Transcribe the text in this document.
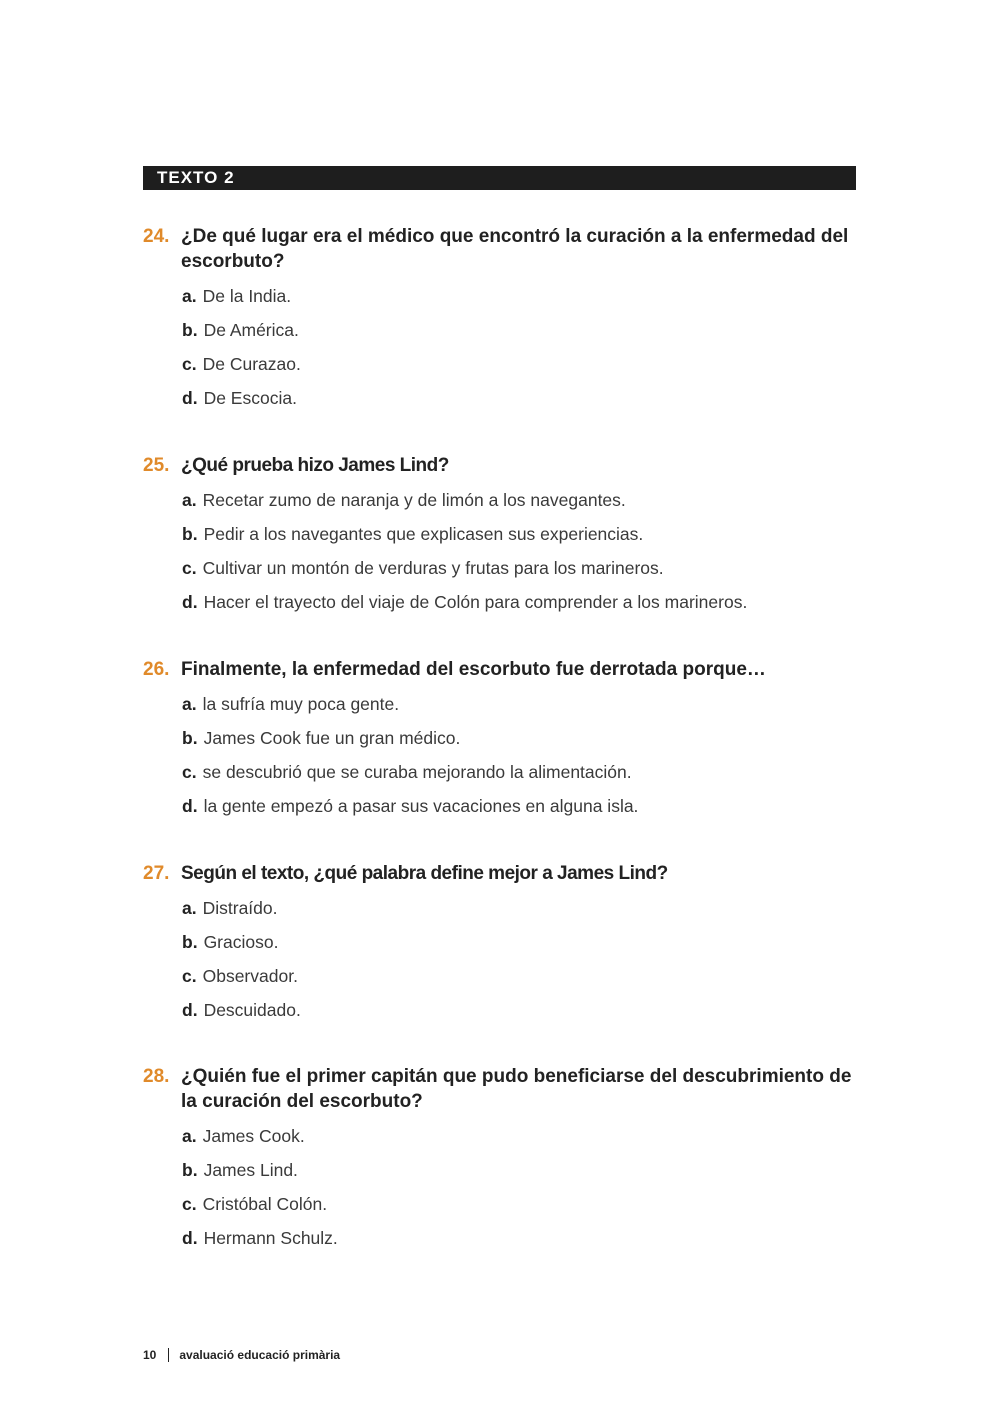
TEXTO 2
24. ¿De qué lugar era el médico que encontró la curación a la enfermedad del escorbuto?

a. De la India.
b. De América.
c. De Curazao.
d. De Escocia.
25. ¿Qué prueba hizo James Lind?

a. Recetar zumo de naranja y de limón a los navegantes.
b. Pedir a los navegantes que explicasen sus experiencias.
c. Cultivar un montón de verduras y frutas para los marineros.
d. Hacer el trayecto del viaje de Colón para comprender a los marineros.
26. Finalmente, la enfermedad del escorbuto fue derrotada porque…

a. la sufría muy poca gente.
b. James Cook fue un gran médico.
c. se descubrió que se curaba mejorando la alimentación.
d. la gente empezó a pasar sus vacaciones en alguna isla.
27. Según el texto, ¿qué palabra define mejor a James Lind?

a. Distraído.
b. Gracioso.
c. Observador.
d. Descuidado.
28. ¿Quién fue el primer capitán que pudo beneficiarse del descubrimiento de la curación del escorbuto?

a. James Cook.
b. James Lind.
c. Cristóbal Colón.
d. Hermann Schulz.
10 avaluació educació primària
